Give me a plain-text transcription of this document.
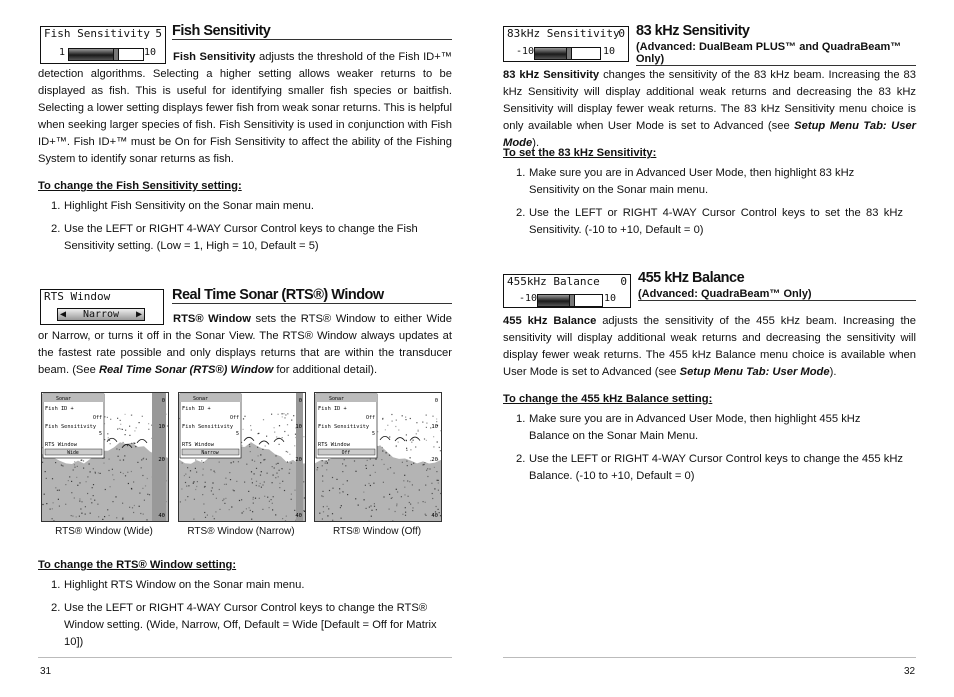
Fish Sensitivity 5
1	10
Fish Sensitivity

Fish Sensitivity adjusts the threshold of the Fish ID+™ detection algorithms. Selecting a higher setting allows weaker returns to be displayed as fish. This is useful for identifying smaller fish species or baitfish. Selecting a lower setting displays fewer fish from weak sonar returns. This is helpful when seeking larger species of fish. Fish Sensitivity is used in conjunction with Fish ID+™. Fish ID+™ must be On for Fish Sensitivity to affect the ability of the Fishing System to identify sonar returns as fish.

To change the Fish Sensitivity setting:

1. Highlight Fish Sensitivity on the Sonar main menu.
2. Use the LEFT or RIGHT 4-WAY Cursor Control keys to change the Fish Sensitivity setting. (Low = 1, High = 10, Default = 5)
RTS Window
◀ Narrow ▶
Real Time Sonar (RTS®) Window

RTS® Window sets the RTS® Window to either Wide or Narrow, or turns it off in the Sonar View. The RTS® Window always updates at the fastest rate possible and only displays returns that are within the transducer beam. (See Real Time Sonar (RTS®) Window for additional detail).

0
10
20
40
Sonar
Fish ID +
Off
Fish Sensitivity
5
RTS Window
Wide
0
10
20
40
Sonar
Fish ID +
Off
Fish Sensitivity
5
RTS Window
Narrow
0
10
20
40
Sonar
Fish ID +
Off
Fish Sensitivity
5
RTS Window
Off
RTS® Window (Wide)	RTS® Window (Narrow)	RTS® Window (Off)

To change the RTS® Window setting:

1. Highlight RTS Window on the Sonar main menu.
2. Use the LEFT or RIGHT 4-WAY Cursor Control keys to change the RTS® Window setting. (Wide, Narrow, Off, Default = Wide [Default = Off for Matrix 10])
31
83kHz Sensitivity
0
-10	10
83 kHz Sensitivity

(Advanced: DualBeam PLUS™ and QuadraBeam™ Only)

83 kHz Sensitivity changes the sensitivity of the 83 kHz beam. Increasing the 83 kHz Sensitivity will display additional weak returns and decreasing the 83 kHz Sensitivity will display fewer weak returns. The 83 kHz Sensitivity menu choice is only available when User Mode is set to Advanced (see Setup Menu Tab: User Mode).

To set the 83 kHz Sensitivity:

1. Make sure you are in Advanced User Mode, then highlight 83 kHz Sensitivity on the Sonar main menu.
2. Use the LEFT or RIGHT 4-WAY Cursor Control keys to set the 83 kHz Sensitivity. (-10 to +10, Default = 0)
455kHz Balance 0
-10	10
455 kHz Balance

(Advanced: QuadraBeam™ Only)

455 kHz Balance adjusts the sensitivity of the 455 kHz beam. Increasing the sensitivity will display additional weak returns and decreasing the sensitivity will display fewer weak returns. The 455 kHz Balance menu choice is available when User Mode is set to Advanced (see Setup Menu Tab: User Mode).

To change the 455 kHz Balance setting:

1. Make sure you are in Advanced User Mode, then highlight 455 kHz Balance on the Sonar Main Menu.
2. Use the LEFT or RIGHT 4-WAY Cursor Control keys to change the 455 kHz Balance. (-10 to +10, Default = 0)
32
